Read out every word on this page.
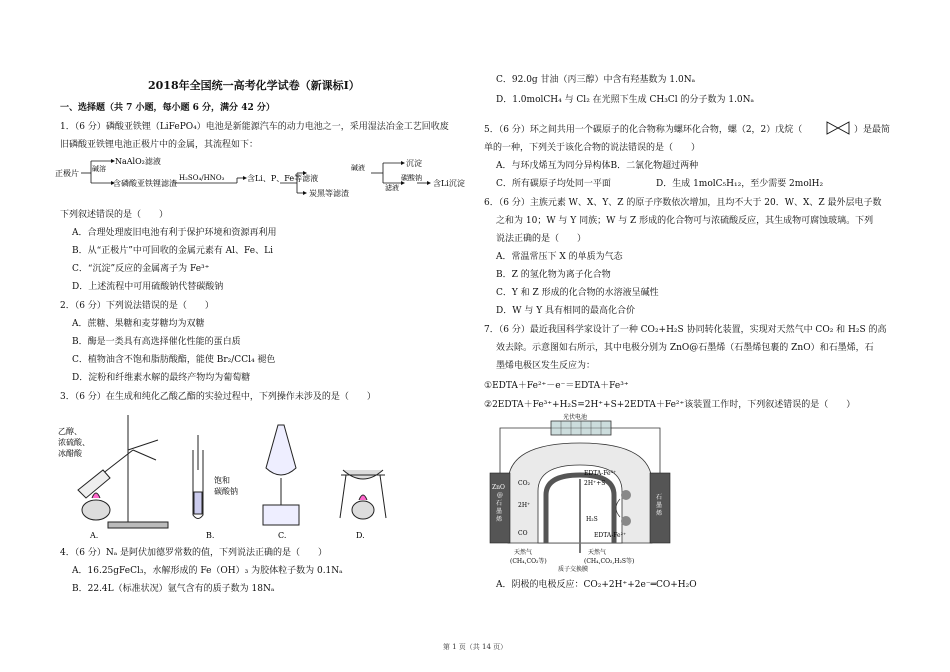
2018年全国统一高考化学试卷（新课标Ⅰ）
一、选择题（共 7 小题，每小题 6 分，满分 42 分）
1．（6 分）磷酸亚铁锂（LiFePO₄）电池是新能源汽车的动力电池之一，采用湿法冶金工艺回收废
旧磷酸亚铁锂电池正极片中的金属，其流程如下：
正极片 碱溶
NaAlO₂滤液
含磷酸亚铁锂滤渣
H₂SO₄/HNO₃	含Li、P、Fe等滤液
炭黑等滤渣
碱液	沉淀
滤液
碳酸钠
含Li沉淀
下列叙述错误的是（　　）
A．合理处理废旧电池有利于保护环境和资源再利用
B．从“正极片”中可回收的金属元素有 Al、Fe、Li
C．“沉淀”反应的金属离子为 Fe³⁺
D．上述流程中可用硫酸钠代替碳酸钠
2．（6 分）下列说法错误的是（　　）
A．蔗糖、果糖和麦芽糖均为双糖
B．酶是一类具有高选择催化性能的蛋白质
C．植物油含不饱和脂肪酸酯，能使 Br₂/CCl₄ 褪色
D．淀粉和纤维素水解的最终产物均为葡萄糖
3．（6 分）在生成和纯化乙酸乙酯的实验过程中，下列操作未涉及的是（　　）
乙醇、
浓硫酸、
冰醋酸
饱和
碳酸钠
A.	B.	C.	D.
4．（6 分）Nₐ 是阿伏加德罗常数的值，下列说法正确的是（　　）
A．16.25gFeCl₃，水解形成的 Fe（OH）₃ 为胶体粒子数为 0.1Nₐ
B．22.4L（标准状况）氩气含有的质子数为 18Nₐ
C．92.0g 甘油（丙三醇）中含有羟基数为 1.0Nₐ
D．1.0molCH₄ 与 Cl₂ 在光照下生成 CH₃Cl 的分子数为 1.0Nₐ
5．（6 分）环之间共用一个碳原子的化合物称为螺环化合物，螺（2，2）戊烷（	）是最简
单的一种，下列关于该化合物的说法错误的是（　　）
A．与环戊烯互为同分异构体B．二氯化物超过两种
C．所有碳原子均处同一平面	D．生成 1molC₅H₁₂，至少需要 2molH₂
6．（6 分）主族元素 W、X、Y、Z 的原子序数依次增加，且均不大于 20．W、X、Z 最外层电子数
之和为 10；W 与 Y 同族；W 与 Z 形成的化合物可与浓硫酸反应，其生成物可腐蚀玻璃。下列
说法正确的是（　　）
A．常温常压下 X 的单质为气态
B．Z 的氢化物为离子化合物
C．Y 和 Z 形成的化合物的水溶液呈碱性
D．W 与 Y 具有相同的最高化合价
7．（6 分）最近我国科学家设计了一种 CO₂+H₂S 协同转化装置，实现对天然气中 CO₂ 和 H₂S 的高
效去除。示意图如右所示，其中电极分别为 ZnO@石墨烯（石墨烯包裹的 ZnO）和石墨烯，石
墨烯电极区发生反应为：
①EDTA＋Fe²⁺－e⁻＝EDTA＋Fe³⁺
②2EDTA＋Fe³⁺+H₂S=2H⁺+S+2EDTA＋Fe²⁺该装置工作时，下列叙述错误的是（　　）
光伏电池
ZnO
@
石
墨
烯
石
墨
烯
CO₂
2H⁺
CO
EDTA-Fe³⁺
2H⁺+S
H₂S
EDTA-Fe²⁺
天然气
(CH₄,CO₂等)
天然气
(CH₄,CO₂,H₂S等)
质子交换膜
A．阴极的电极反应：CO₂+2H⁺+2e⁻═CO+H₂O
第 1 页（共 14 页）
